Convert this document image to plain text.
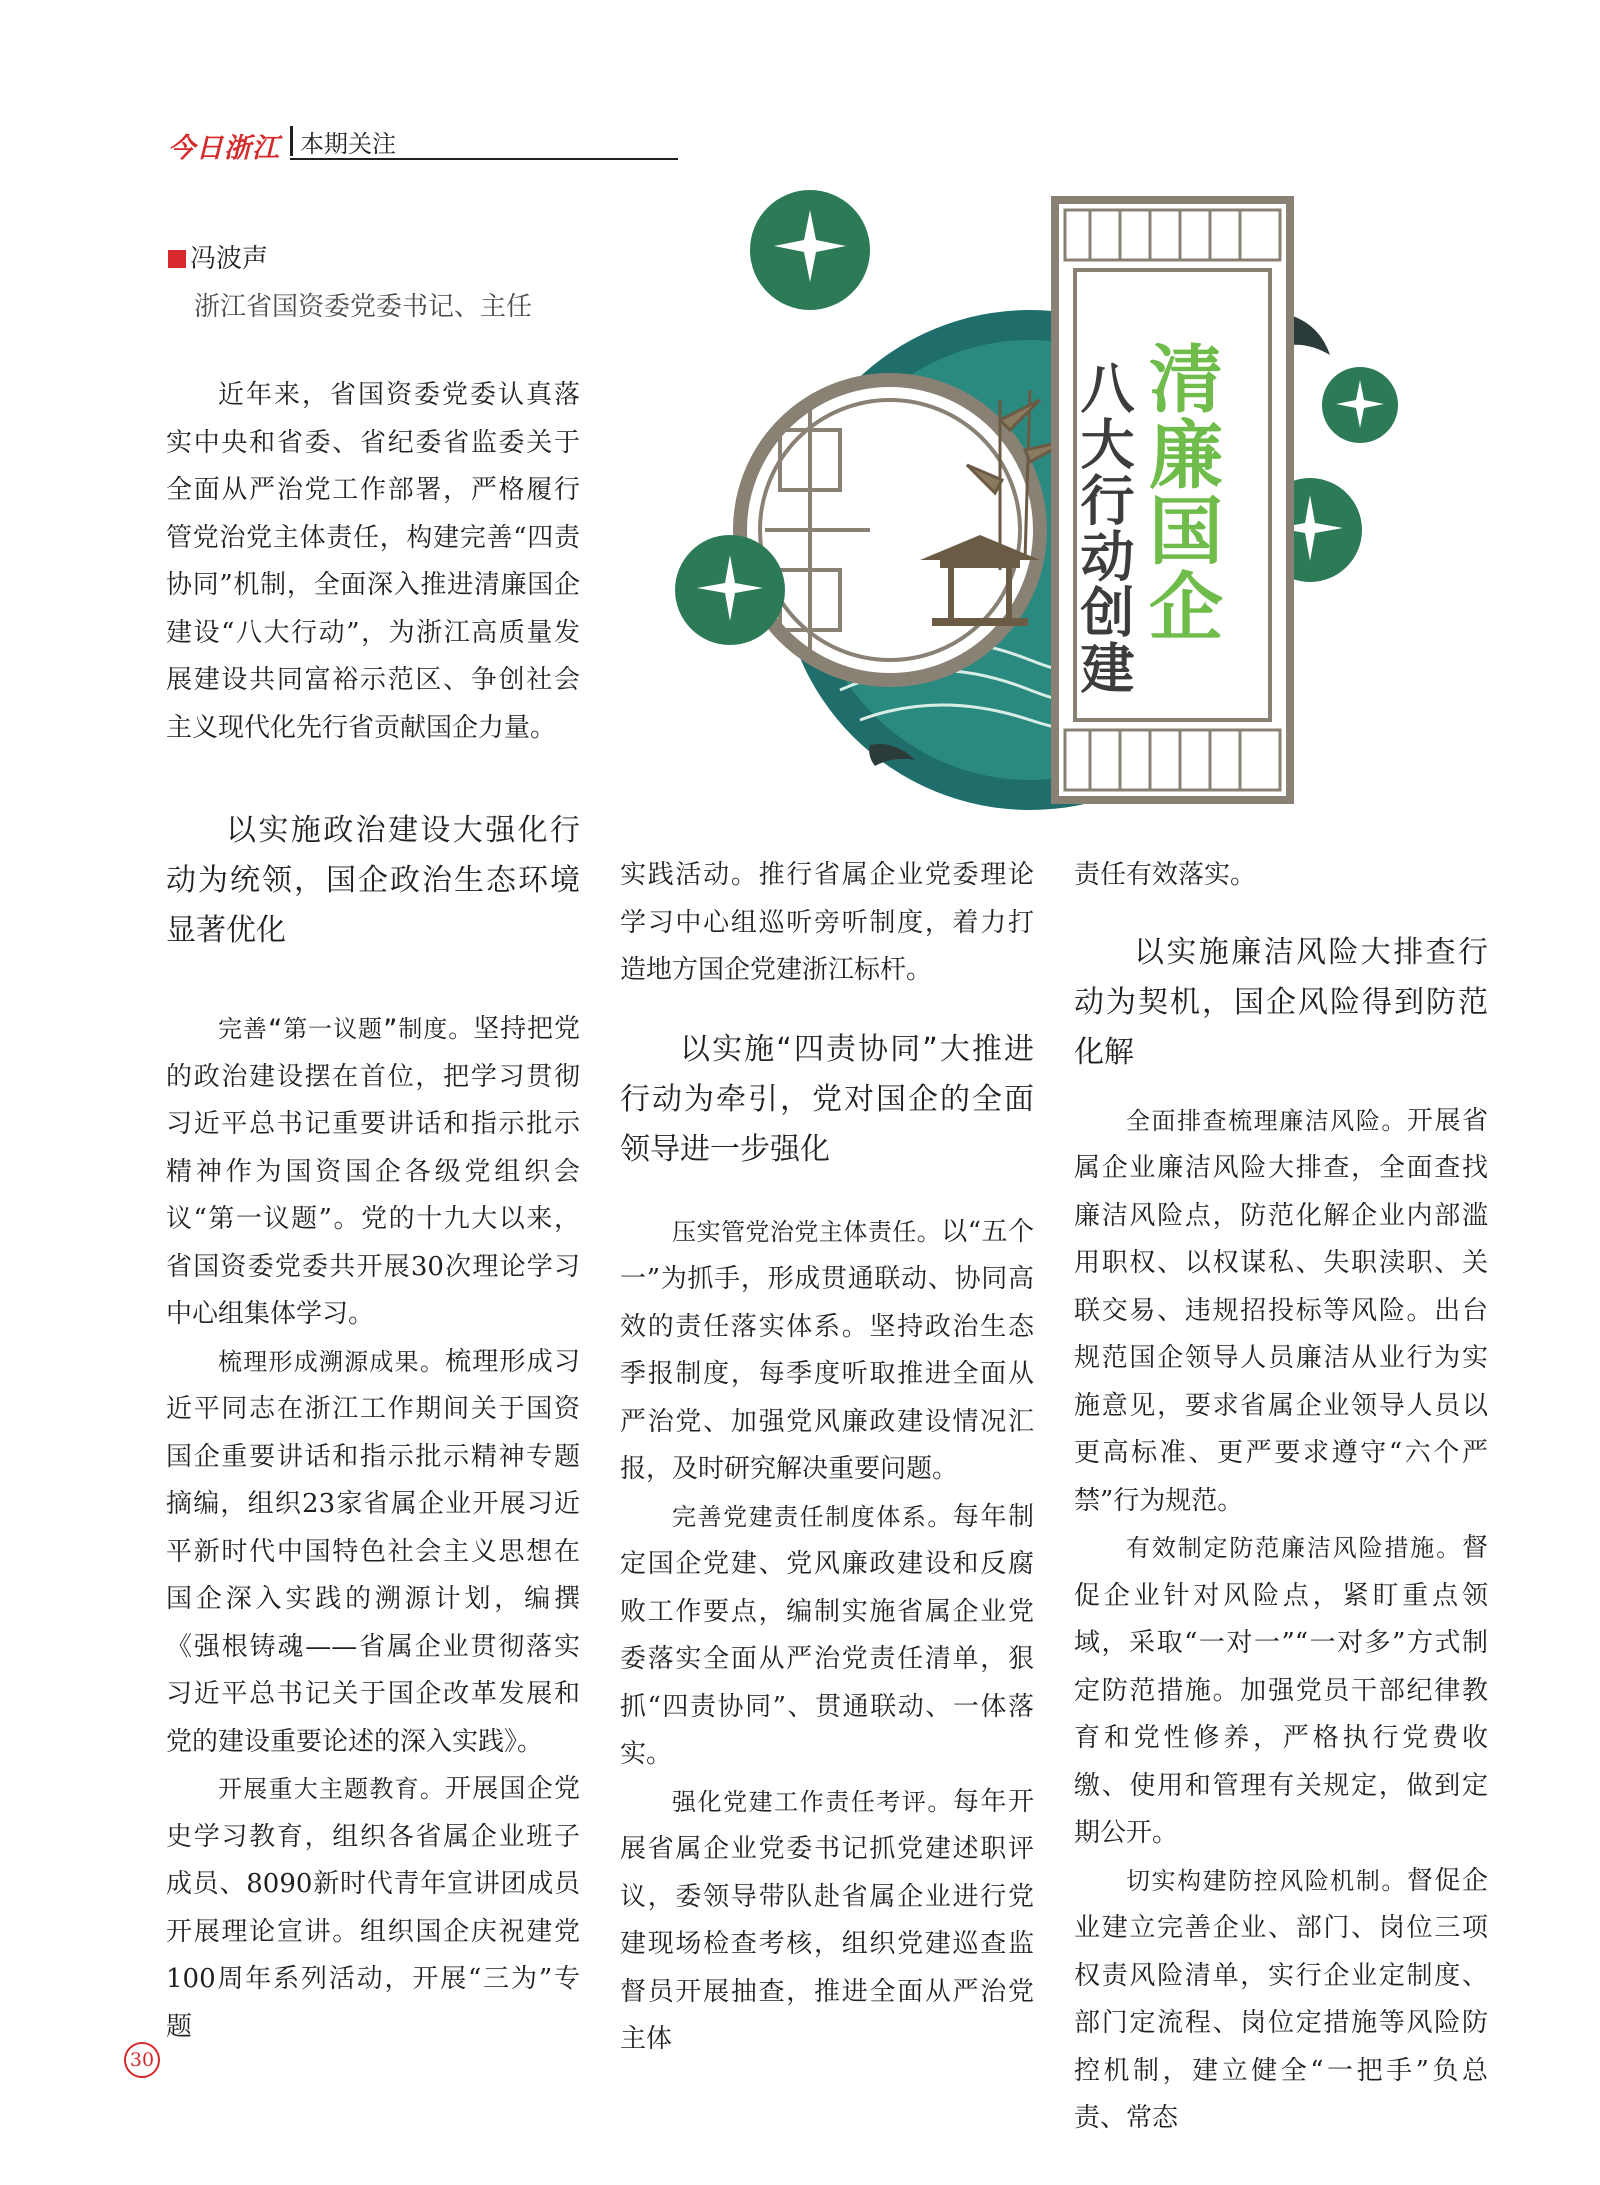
今日浙江 本期关注
冯波声
浙江省国资委党委书记、主任
清廉国企
八大行动创建

近年来，省国资委党委认真落实中央和省委、省纪委省监委关于全面从严治党工作部署，严格履行管党治党主体责任，构建完善“四责协同”机制，全面深入推进清廉国企建设“八大行动”，为浙江高质量发展建设共同富裕示范区、争创社会主义现代化先行省贡献国企力量。

以实施政治建设大强化行动为统领，国企政治生态环境显著优化

完善“第一议题”制度。坚持把党的政治建设摆在首位，把学习贯彻习近平总书记重要讲话和指示批示精神作为国资国企各级党组织会议“第一议题”。党的十九大以来，省国资委党委共开展30次理论学习中心组集体学习。

梳理形成溯源成果。梳理形成习近平同志在浙江工作期间关于国资国企重要讲话和指示批示精神专题摘编，组织23家省属企业开展习近平新时代中国特色社会主义思想在国企深入实践的溯源计划，编撰《强根铸魂——省属企业贯彻落实习近平总书记关于国企改革发展和党的建设重要论述的深入实践》。

开展重大主题教育。开展国企党史学习教育，组织各省属企业班子成员、8090新时代青年宣讲团成员开展理论宣讲。组织国企庆祝建党100周年系列活动，开展“三为”专题

实践活动。推行省属企业党委理论学习中心组巡听旁听制度，着力打造地方国企党建浙江标杆。

以实施“四责协同”大推进行动为牵引，党对国企的全面领导进一步强化

压实管党治党主体责任。以“五个一”为抓手，形成贯通联动、协同高效的责任落实体系。坚持政治生态季报制度，每季度听取推进全面从严治党、加强党风廉政建设情况汇报，及时研究解决重要问题。

完善党建责任制度体系。每年制定国企党建、党风廉政建设和反腐败工作要点，编制实施省属企业党委落实全面从严治党责任清单，狠抓“四责协同”、贯通联动、一体落实。

强化党建工作责任考评。每年开展省属企业党委书记抓党建述职评议，委领导带队赴省属企业进行党建现场检查考核，组织党建巡查监督员开展抽查，推进全面从严治党主体

责任有效落实。

以实施廉洁风险大排查行动为契机，国企风险得到防范化解

全面排查梳理廉洁风险。开展省属企业廉洁风险大排查，全面查找廉洁风险点，防范化解企业内部滥用职权、以权谋私、失职渎职、关联交易、违规招投标等风险。出台规范国企领导人员廉洁从业行为实施意见，要求省属企业领导人员以更高标准、更严要求遵守“六个严禁”行为规范。

有效制定防范廉洁风险措施。督促企业针对风险点，紧盯重点领域，采取“一对一”“一对多”方式制定防范措施。加强党员干部纪律教育和党性修养，严格执行党费收缴、使用和管理有关规定，做到定期公开。

切实构建防控风险机制。督促企业建立完善企业、部门、岗位三项权责风险清单，实行企业定制度、部门定流程、岗位定措施等风险防控机制，建立健全“一把手”负总责、常态

30
